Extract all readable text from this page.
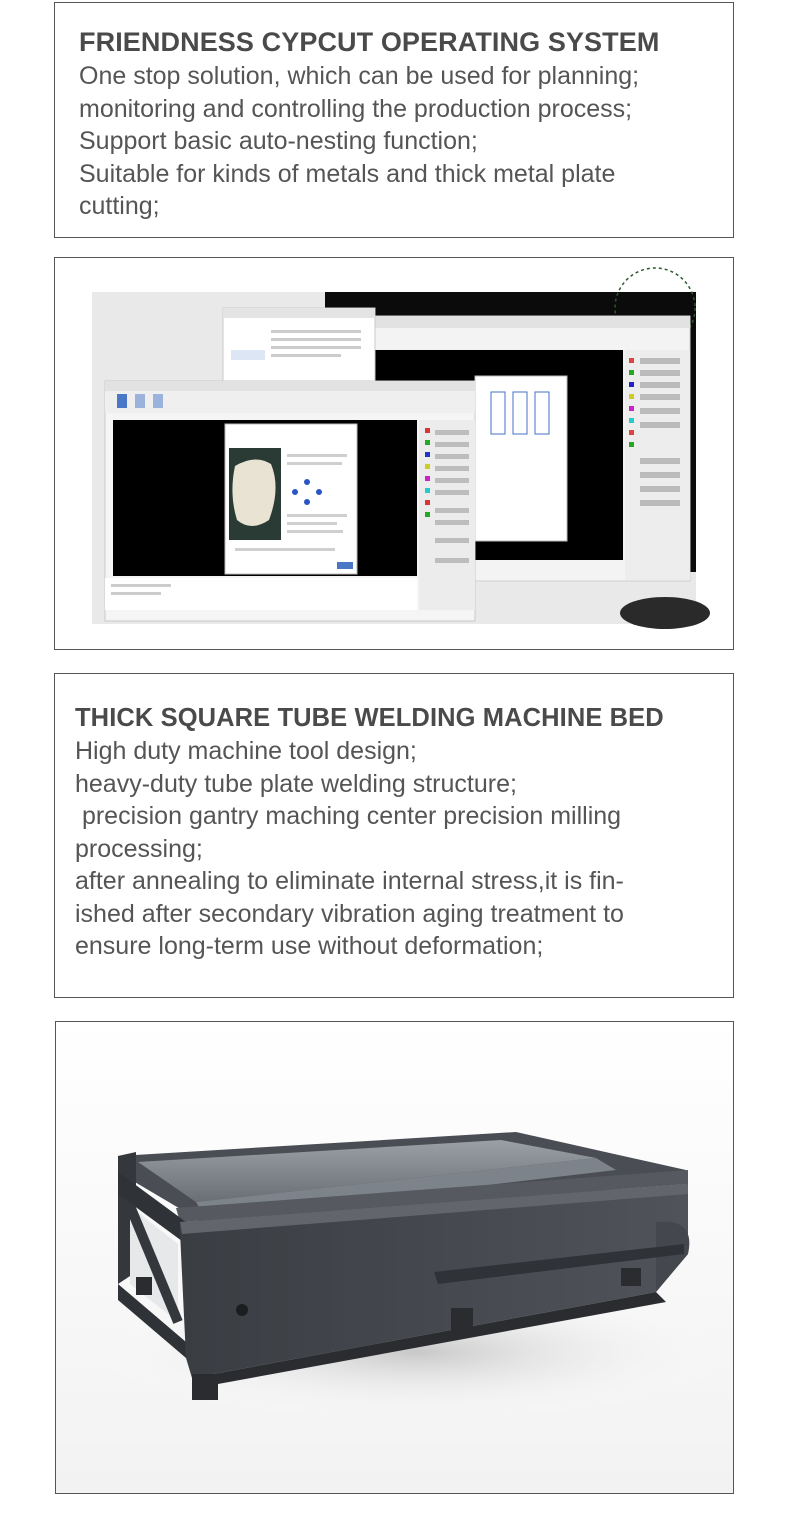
FRIENDNESS CYPCUT OPERATING SYSTEM
One stop solution, which can be used for planning;
monitoring and controlling the production process;
Support basic auto-nesting function;
Suitable for kinds of metals and thick metal plate
cutting;
THICK SQUARE TUBE WELDING MACHINE BED
High duty machine tool design;
heavy-duty tube plate welding structure;
precision gantry maching center precision milling
processing;
after annealing to eliminate internal stress,it is fin-
ished after secondary vibration aging treatment to
ensure long-term use without deformation;
